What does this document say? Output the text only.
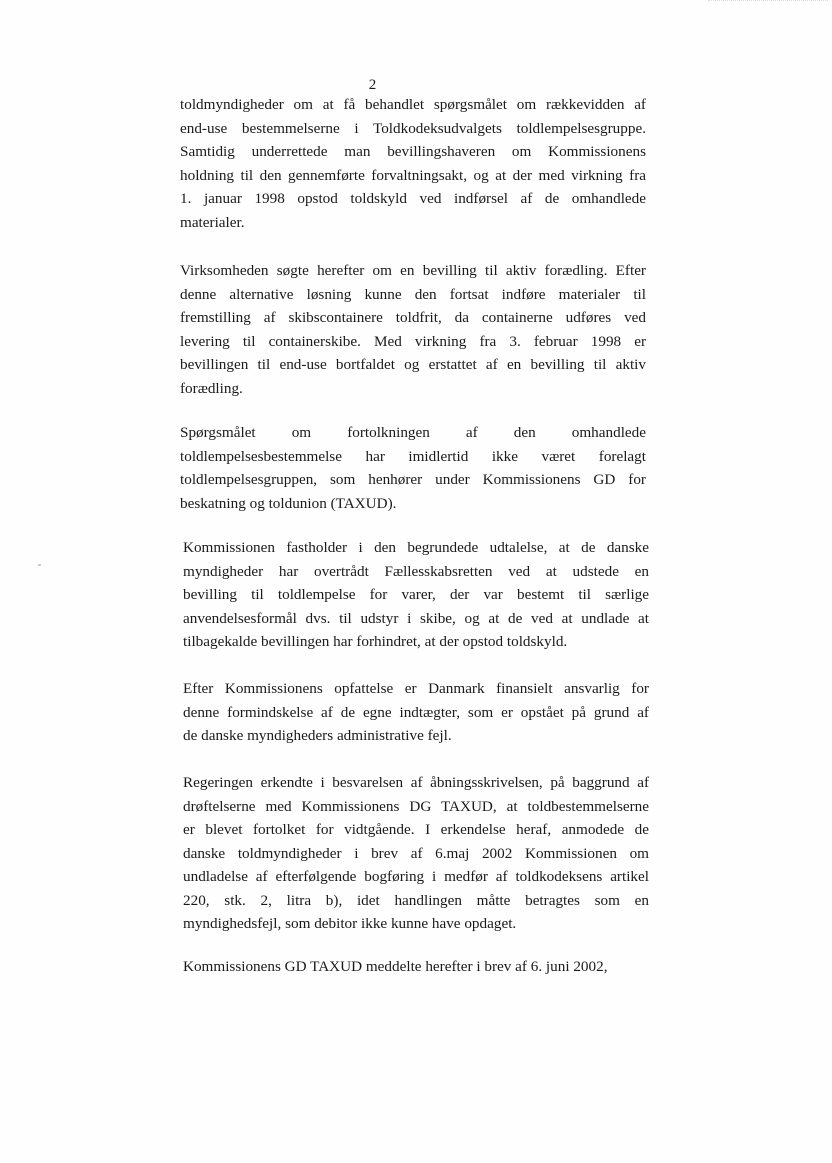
2
toldmyndigheder om at få behandlet spørgsmålet om rækkevidden af
end-use bestemmelserne i Toldkodeksudvalgets toldlempelsesgruppe.
Samtidig underrettede man bevillingshaveren om Kommissionens
holdning til den gennemførte forvaltningsakt, og at der med virkning fra
1. januar 1998 opstod toldskyld ved indførsel af de omhandlede
materialer.
Virksomheden søgte herefter om en bevilling til aktiv forædling. Efter
denne alternative løsning kunne den fortsat indføre materialer til
fremstilling af skibscontainere toldfrit, da containerne udføres ved
levering til containerskibe. Med virkning fra 3. februar 1998 er
bevillingen til end-use bortfaldet og erstattet af en bevilling til aktiv
forædling.
Spørgsmålet om fortolkningen af den omhandlede
toldlempelsesbestemmelse har imidlertid ikke været forelagt
toldlempelsesgruppen, som henhører under Kommissionens GD for
beskatning og toldunion (TAXUD).
Kommissionen fastholder i den begrundede udtalelse, at de danske
myndigheder har overtrådt Fællesskabsretten ved at udstede en
bevilling til toldlempelse for varer, der var bestemt til særlige
anvendelsesformål dvs. til udstyr i skibe, og at de ved at undlade at
tilbagekalde bevillingen har forhindret, at der opstod toldskyld.
Efter Kommissionens opfattelse er Danmark finansielt ansvarlig for
denne formindskelse af de egne indtægter, som er opstået på grund af
de danske myndigheders administrative fejl.
Regeringen erkendte i besvarelsen af åbningsskrivelsen, på baggrund af
drøftelserne med Kommissionens DG TAXUD, at toldbestemmelserne
er blevet fortolket for vidtgående. I erkendelse heraf, anmodede de
danske toldmyndigheder i brev af 6.maj 2002 Kommissionen om
undladelse af efterfølgende bogføring i medfør af toldkodeksens artikel
220, stk. 2, litra b), idet handlingen måtte betragtes som en
myndighedsfejl, som debitor ikke kunne have opdaget.
Kommissionens GD TAXUD meddelte herefter i brev af 6. juni 2002,
